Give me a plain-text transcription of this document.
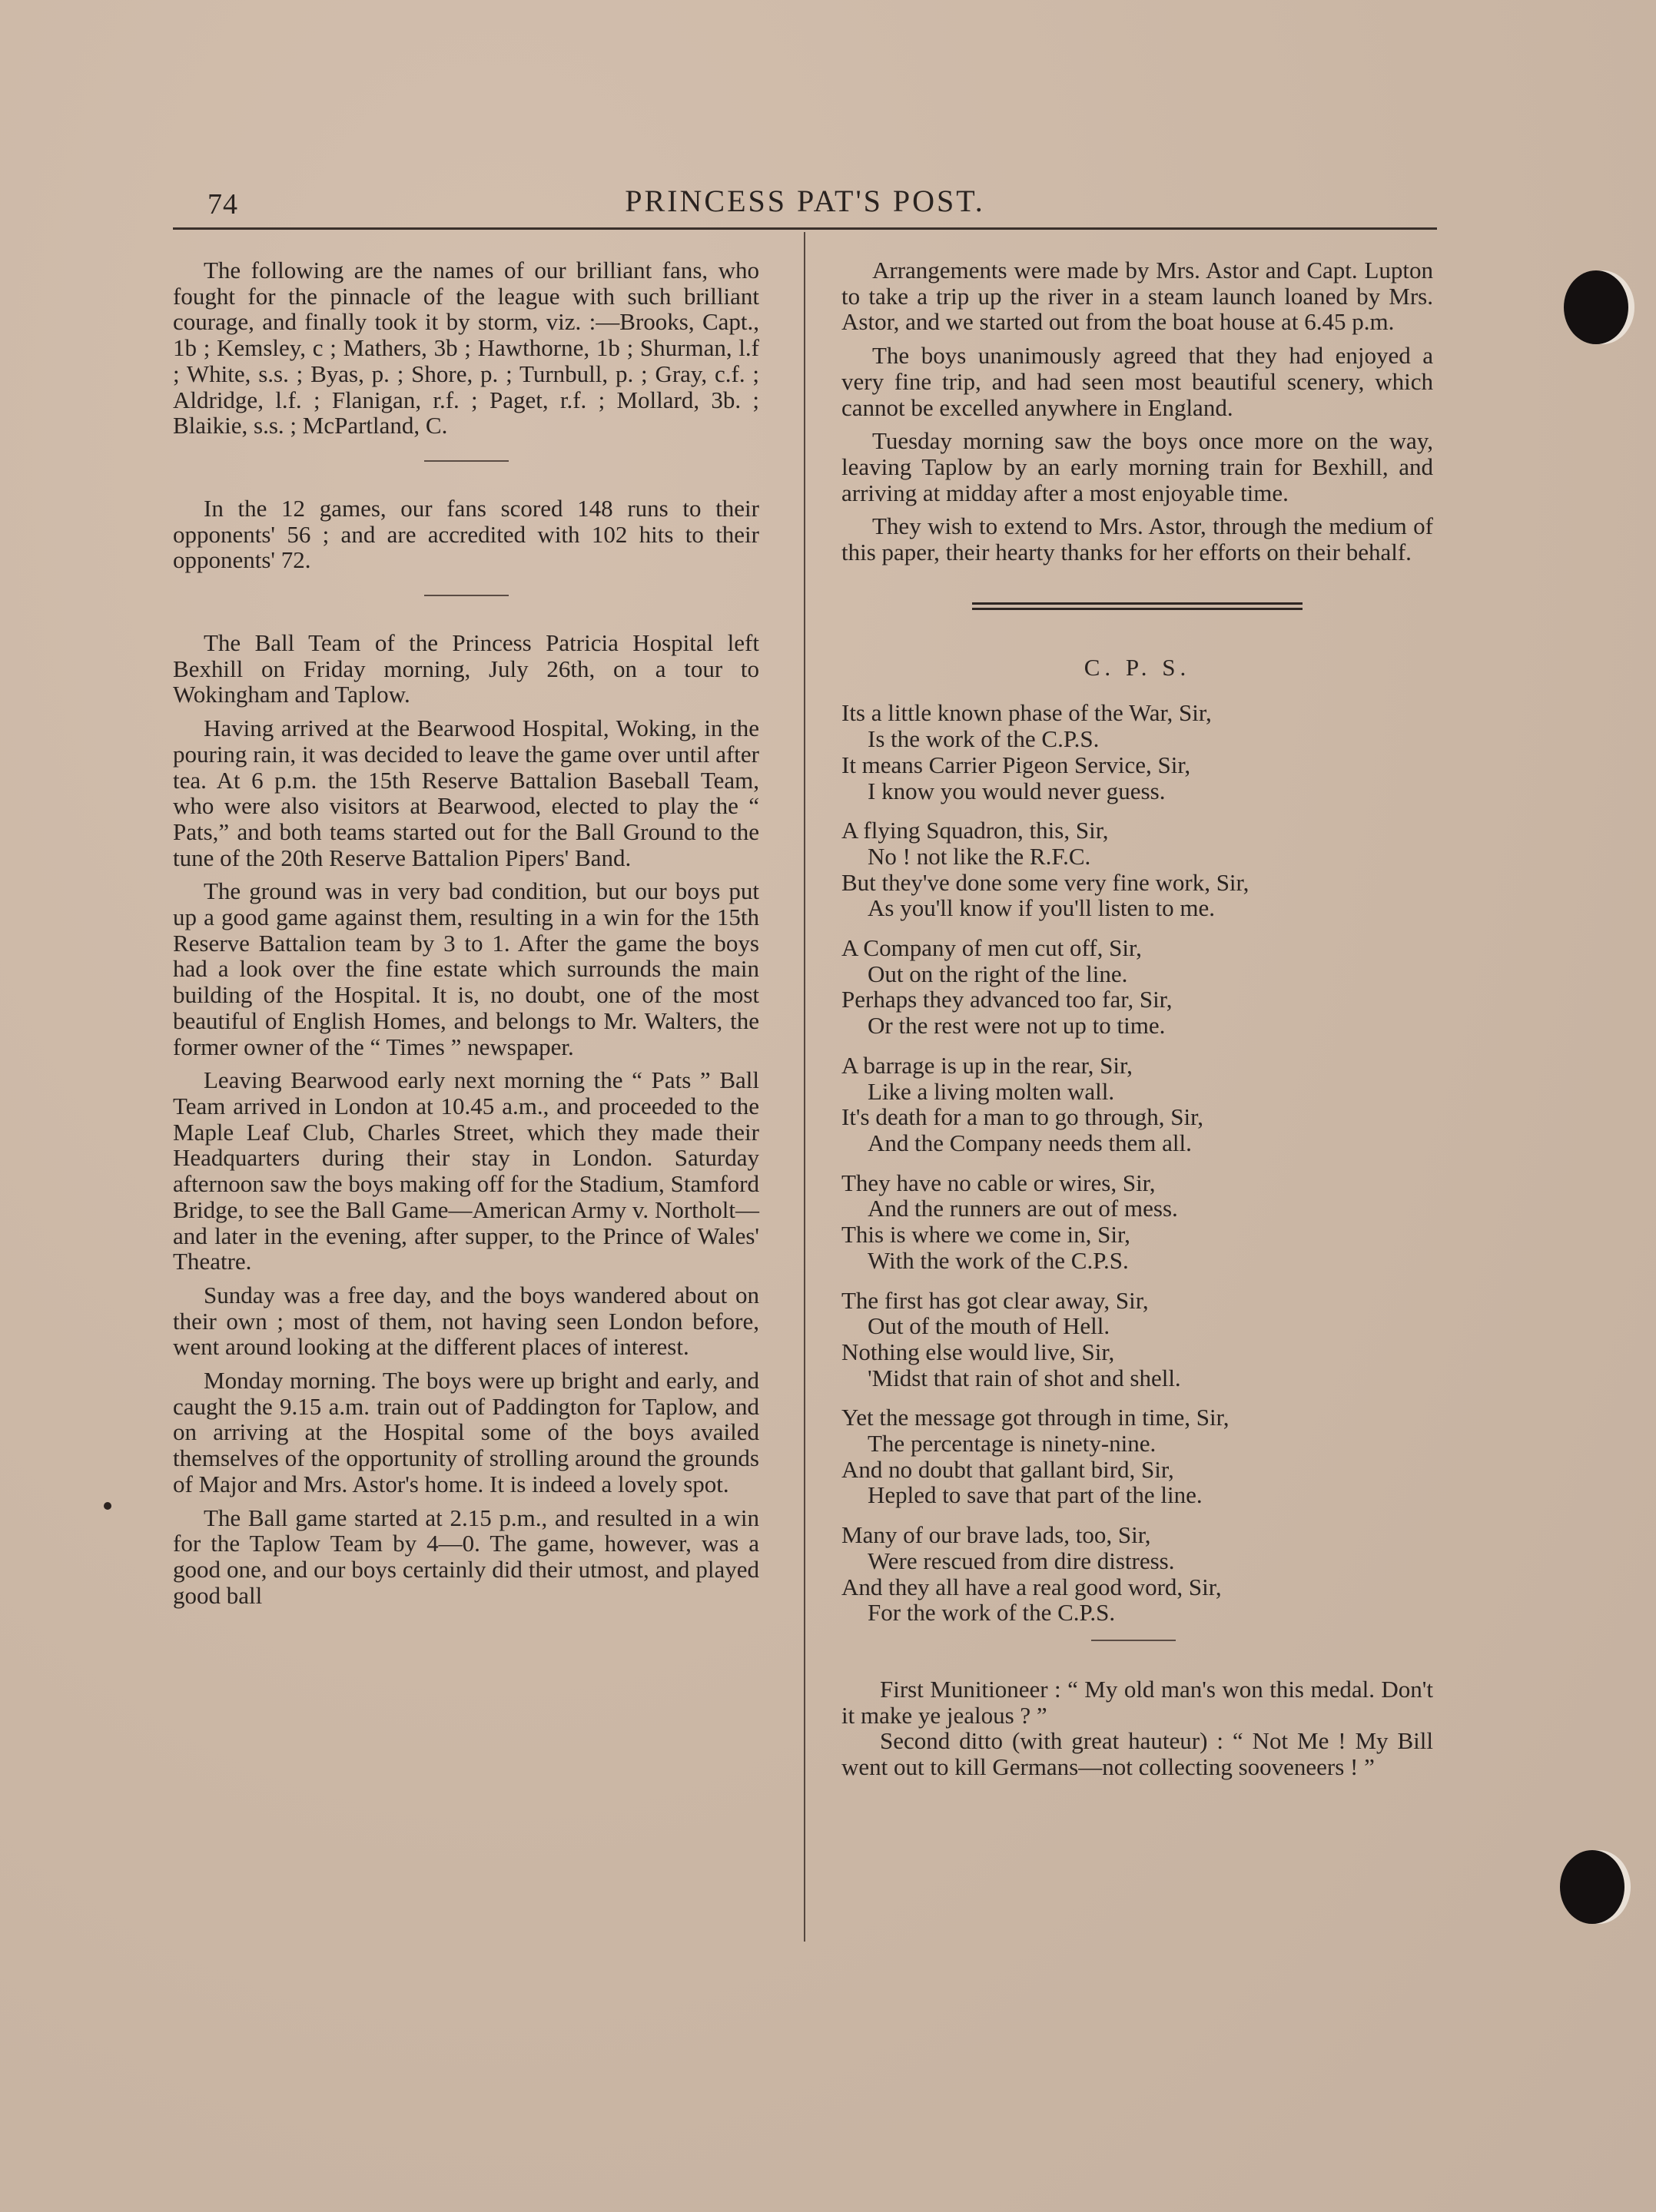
74	PRINCESS PAT'S POST.

The following are the names of our brilliant fans, who fought for the pinnacle of the league with such brilliant courage, and finally took it by storm, viz. :—Brooks, Capt., 1b ; Kemsley, c ; Mathers, 3b ; Hawthorne, 1b ; Shurman, l.f ; White, s.s. ; Byas, p. ; Shore, p. ; Turnbull, p. ; Gray, c.f. ; Aldridge, l.f. ; Flanigan, r.f. ; Paget, r.f. ; Mollard, 3b. ; Blaikie, s.s. ; McPartland, C.

In the 12 games, our fans scored 148 runs to their opponents' 56 ; and are accredited with 102 hits to their opponents' 72.

The Ball Team of the Princess Patricia Hospital left Bexhill on Friday morning, July 26th, on a tour to Wokingham and Taplow.

Having arrived at the Bearwood Hospital, Woking, in the pouring rain, it was decided to leave the game over until after tea. At 6 p.m. the 15th Reserve Battalion Baseball Team, who were also visitors at Bearwood, elected to play the “ Pats,” and both teams started out for the Ball Ground to the tune of the 20th Reserve Battalion Pipers' Band.

The ground was in very bad condition, but our boys put up a good game against them, resulting in a win for the 15th Reserve Battalion team by 3 to 1. After the game the boys had a look over the fine estate which surrounds the main building of the Hospital. It is, no doubt, one of the most beautiful of English Homes, and belongs to Mr. Walters, the former owner of the “ Times ” newspaper.

Leaving Bearwood early next morning the “ Pats ” Ball Team arrived in London at 10.45 a.m., and proceeded to the Maple Leaf Club, Charles Street, which they made their Headquarters during their stay in London. Saturday afternoon saw the boys making off for the Stadium, Stamford Bridge, to see the Ball Game—American Army v. Northolt—and later in the evening, after supper, to the Prince of Wales' Theatre.

Sunday was a free day, and the boys wandered about on their own ; most of them, not having seen London before, went around looking at the different places of interest.

Monday morning. The boys were up bright and early, and caught the 9.15 a.m. train out of Paddington for Taplow, and on arriving at the Hospital some of the boys availed themselves of the opportunity of strolling around the grounds of Major and Mrs. Astor's home. It is indeed a lovely spot.

The Ball game started at 2.15 p.m., and resulted in a win for the Taplow Team by 4—0. The game, however, was a good one, and our boys certainly did their utmost, and played good ball

Arrangements were made by Mrs. Astor and Capt. Lupton to take a trip up the river in a steam launch loaned by Mrs. Astor, and we started out from the boat house at 6.45 p.m.

The boys unanimously agreed that they had enjoyed a very fine trip, and had seen most beautiful scenery, which cannot be excelled anywhere in England.

Tuesday morning saw the boys once more on the way, leaving Taplow by an early morning train for Bexhill, and arriving at midday after a most enjoyable time.

They wish to extend to Mrs. Astor, through the medium of this paper, their hearty thanks for her efforts on their behalf.

C. P. S.
Its a little known phase of the War, Sir,
Is the work of the C.P.S.
It means Carrier Pigeon Service, Sir,
I know you would never guess.
A flying Squadron, this, Sir,
No ! not like the R.F.C.
But they've done some very fine work, Sir,
As you'll know if you'll listen to me.
A Company of men cut off, Sir,
Out on the right of the line.
Perhaps they advanced too far, Sir,
Or the rest were not up to time.
A barrage is up in the rear, Sir,
Like a living molten wall.
It's death for a man to go through, Sir,
And the Company needs them all.
They have no cable or wires, Sir,
And the runners are out of mess.
This is where we come in, Sir,
With the work of the C.P.S.
The first has got clear away, Sir,
Out of the mouth of Hell.
Nothing else would live, Sir,
'Midst that rain of shot and shell.
Yet the message got through in time, Sir,
The percentage is ninety-nine.
And no doubt that gallant bird, Sir,
Hepled to save that part of the line.
Many of our brave lads, too, Sir,
Were rescued from dire distress.
And they all have a real good word, Sir,
For the work of the C.P.S.

First Munitioneer : “ My old man's won this medal. Don't it make ye jealous ? ”

Second ditto (with great hauteur) : “ Not Me ! My Bill went out to kill Germans—not collecting sooveneers ! ”
